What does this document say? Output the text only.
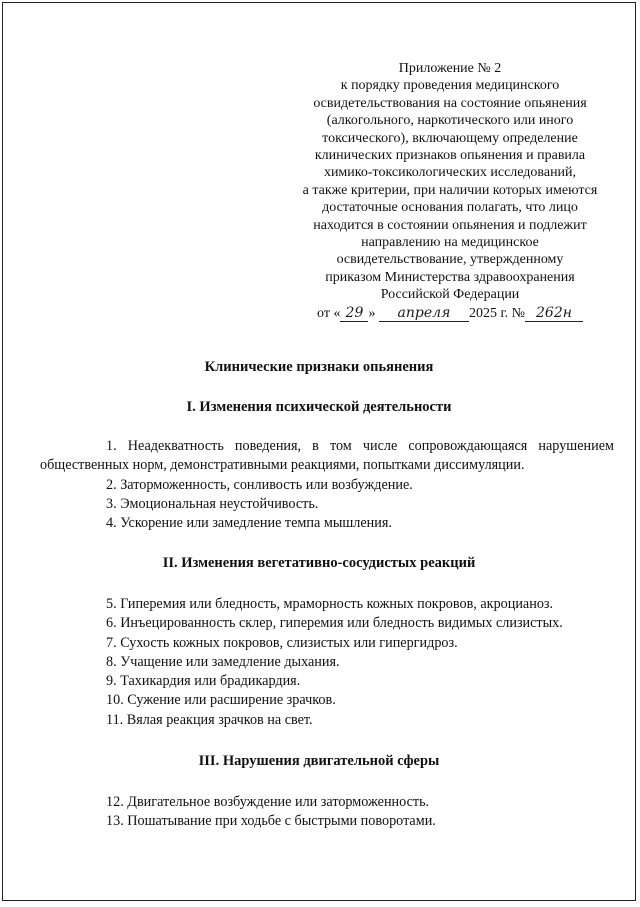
Приложение № 2
к порядку проведения медицинского
освидетельствования на состояние опьянения
(алкогольного, наркотического или иного
токсического), включающему определение
клинических признаков опьянения и правила
химико-токсикологических исследований,
а также критерии, при наличии которых имеются
достаточные основания полагать, что лицо
находится в состоянии опьянения и подлежит
направлению на медицинское
освидетельствование, утвержденному
приказом Министерства здравоохранения
Российской Федерации
от « 29 » апреля 2025 г. № 262н
Клинические признаки опьянения
I. Изменения психической деятельности

1. Неадекватность поведения, в том числе сопровождающаяся нарушением общественных норм, демонстративными реакциями, попытками диссимуляции.

2. Заторможенность, сонливость или возбуждение.

3. Эмоциональная неустойчивость.

4. Ускорение или замедление темпа мышления.

II. Изменения вегетативно-сосудистых реакций

5. Гиперемия или бледность, мраморность кожных покровов, акроцианоз.

6. Инъецированность склер, гиперемия или бледность видимых слизистых.

7. Сухость кожных покровов, слизистых или гипергидроз.

8. Учащение или замедление дыхания.

9. Тахикардия или брадикардия.

10. Сужение или расширение зрачков.

11. Вялая реакция зрачков на свет.

III. Нарушения двигательной сферы

12. Двигательное возбуждение или заторможенность.

13. Пошатывание при ходьбе с быстрыми поворотами.
